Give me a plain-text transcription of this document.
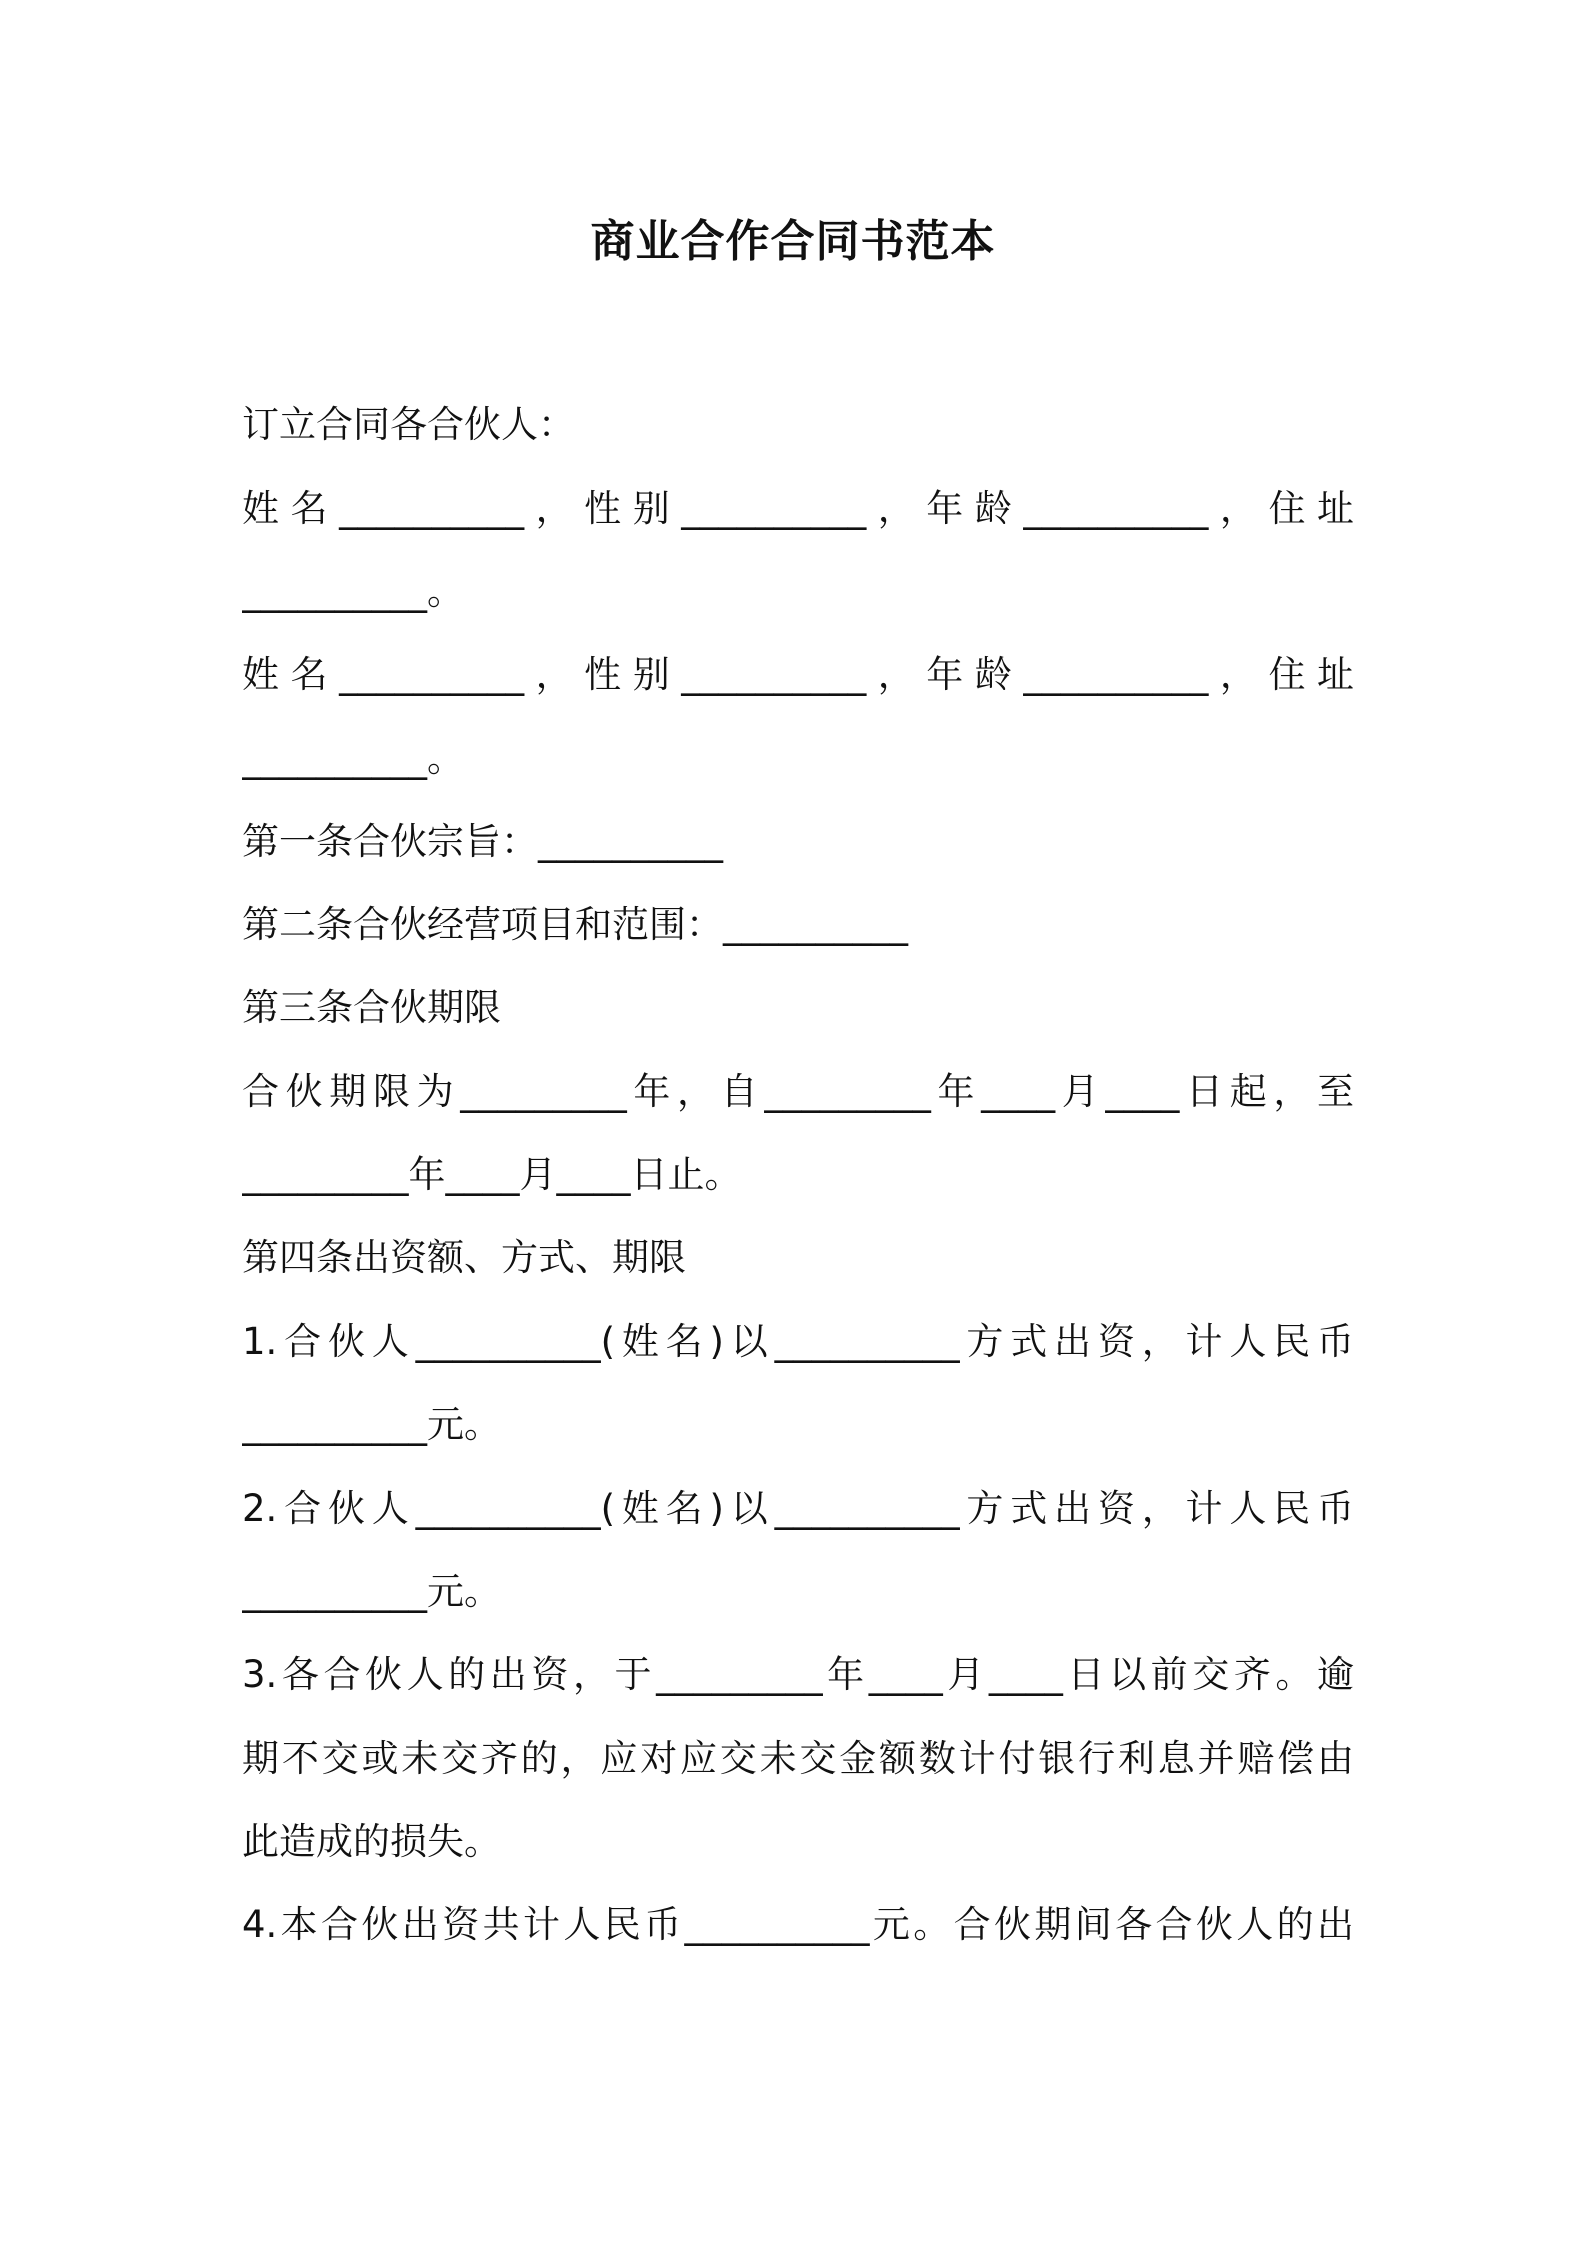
商业合作合同书范本
订立合同各合伙人：
姓名__________，性别__________，年龄__________，住址
__________。
姓名__________，性别__________，年龄__________，住址
__________。
第一条合伙宗旨：__________
第二条合伙经营项目和范围：__________
第三条合伙期限
合伙期限为_________年，自_________年____月____日起，至
_________年____月____日止。
第四条出资额、方式、期限
1.合伙人__________(姓名)以__________方式出资，计人民币
__________元。
2.合伙人__________(姓名)以__________方式出资，计人民币
__________元。
3.各合伙人的出资，于_________年____月____日以前交齐。逾
期不交或未交齐的，应对应交未交金额数计付银行利息并赔偿由
此造成的损失。
4.本合伙出资共计人民币__________元。合伙期间各合伙人的出
